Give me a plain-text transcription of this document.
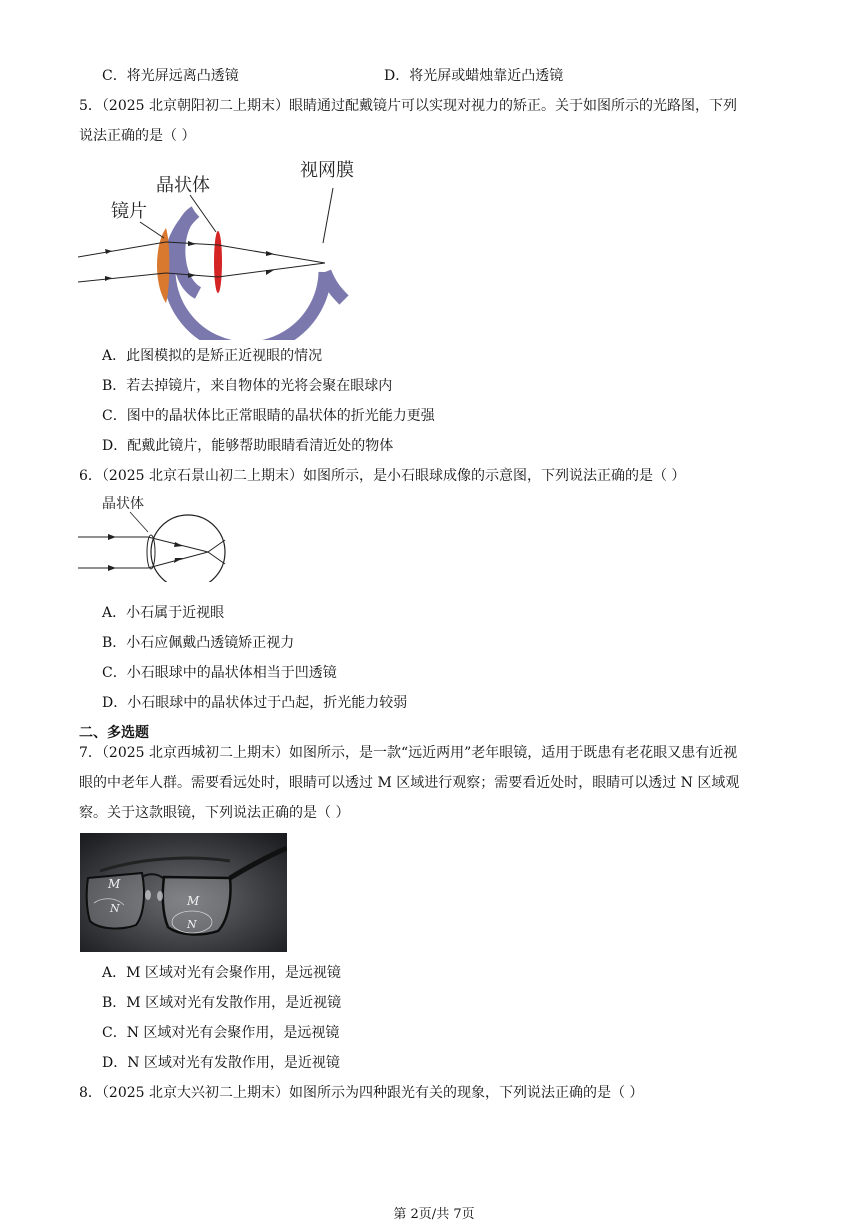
C．将光屏远离凸透镜	D．将光屏或蜡烛靠近凸透镜
5．（2025 北京朝阳初二上期末）眼睛通过配戴镜片可以实现对视力的矫正。关于如图所示的光路图，下列
说法正确的是（ ）
视网膜
晶状体
镜片
A．此图模拟的是矫正近视眼的情况
B．若去掉镜片，来自物体的光将会聚在眼球内
C．图中的晶状体比正常眼睛的晶状体的折光能力更强
D．配戴此镜片，能够帮助眼睛看清近处的物体
6．（2025 北京石景山初二上期末）如图所示，是小石眼球成像的示意图，下列说法正确的是（ ）
晶状体
A．小石属于近视眼
B．小石应佩戴凸透镜矫正视力
C．小石眼球中的晶状体相当于凹透镜
D．小石眼球中的晶状体过于凸起，折光能力较弱
二、多选题
7．（2025 北京西城初二上期末）如图所示，是一款“远近两用”老年眼镜，适用于既患有老花眼又患有近视
眼的中老年人群。需要看远处时，眼睛可以透过 M 区域进行观察；需要看近处时，眼睛可以透过 N 区域观
察。关于这款眼镜，下列说法正确的是（ ）
M
N
M
N
A．M 区域对光有会聚作用，是远视镜
B．M 区域对光有发散作用，是近视镜
C．N 区域对光有会聚作用，是远视镜
D．N 区域对光有发散作用，是近视镜
8．（2025 北京大兴初二上期末）如图所示为四种跟光有关的现象，下列说法正确的是（ ）
第 2页/共 7页
